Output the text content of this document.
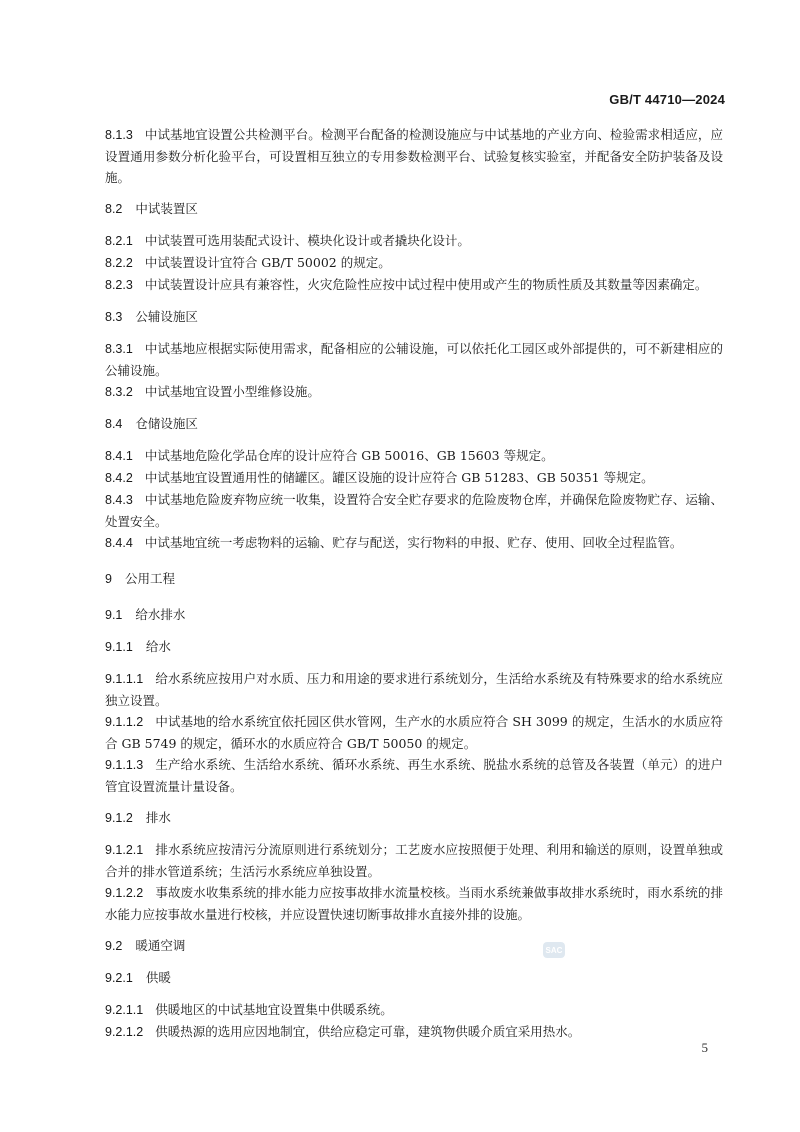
GB/T 44710—2024

8.1.3 中试基地宜设置公共检测平台。检测平台配备的检测设施应与中试基地的产业方向、检验需求相适应，应设置通用参数分析化验平台，可设置相互独立的专用参数检测平台、试验复核实验室，并配备安全防护装备及设施。

8.2 中试装置区

8.2.1 中试装置可选用装配式设计、模块化设计或者撬块化设计。

8.2.2 中试装置设计宜符合 GB/T 50002 的规定。

8.2.3 中试装置设计应具有兼容性，火灾危险性应按中试过程中使用或产生的物质性质及其数量等因素确定。

8.3 公辅设施区

8.3.1 中试基地应根据实际使用需求，配备相应的公辅设施，可以依托化工园区或外部提供的，可不新建相应的公辅设施。

8.3.2 中试基地宜设置小型维修设施。

8.4 仓储设施区

8.4.1 中试基地危险化学品仓库的设计应符合 GB 50016、GB 15603 等规定。

8.4.2 中试基地宜设置通用性的储罐区。罐区设施的设计应符合 GB 51283、GB 50351 等规定。

8.4.3 中试基地危险废弃物应统一收集，设置符合安全贮存要求的危险废物仓库，并确保危险废物贮存、运输、处置安全。

8.4.4 中试基地宜统一考虑物料的运输、贮存与配送，实行物料的申报、贮存、使用、回收全过程监管。

9 公用工程

9.1 给水排水

9.1.1 给水

9.1.1.1 给水系统应按用户对水质、压力和用途的要求进行系统划分，生活给水系统及有特殊要求的给水系统应独立设置。

9.1.1.2 中试基地的给水系统宜依托园区供水管网，生产水的水质应符合 SH 3099 的规定，生活水的水质应符合 GB 5749 的规定，循环水的水质应符合 GB/T 50050 的规定。

9.1.1.3 生产给水系统、生活给水系统、循环水系统、再生水系统、脱盐水系统的总管及各装置（单元）的进户管宜设置流量计量设备。

9.1.2 排水

9.1.2.1 排水系统应按清污分流原则进行系统划分；工艺废水应按照便于处理、利用和输送的原则，设置单独或合并的排水管道系统；生活污水系统应单独设置。

9.1.2.2 事故废水收集系统的排水能力应按事故排水流量校核。当雨水系统兼做事故排水系统时，雨水系统的排水能力应按事故水量进行校核，并应设置快速切断事故排水直接外排的设施。

9.2 暖通空调

9.2.1 供暖

9.2.1.1 供暖地区的中试基地宜设置集中供暖系统。

9.2.1.2 供暖热源的选用应因地制宜，供给应稳定可靠，建筑物供暖介质宜采用热水。

SAC
5
